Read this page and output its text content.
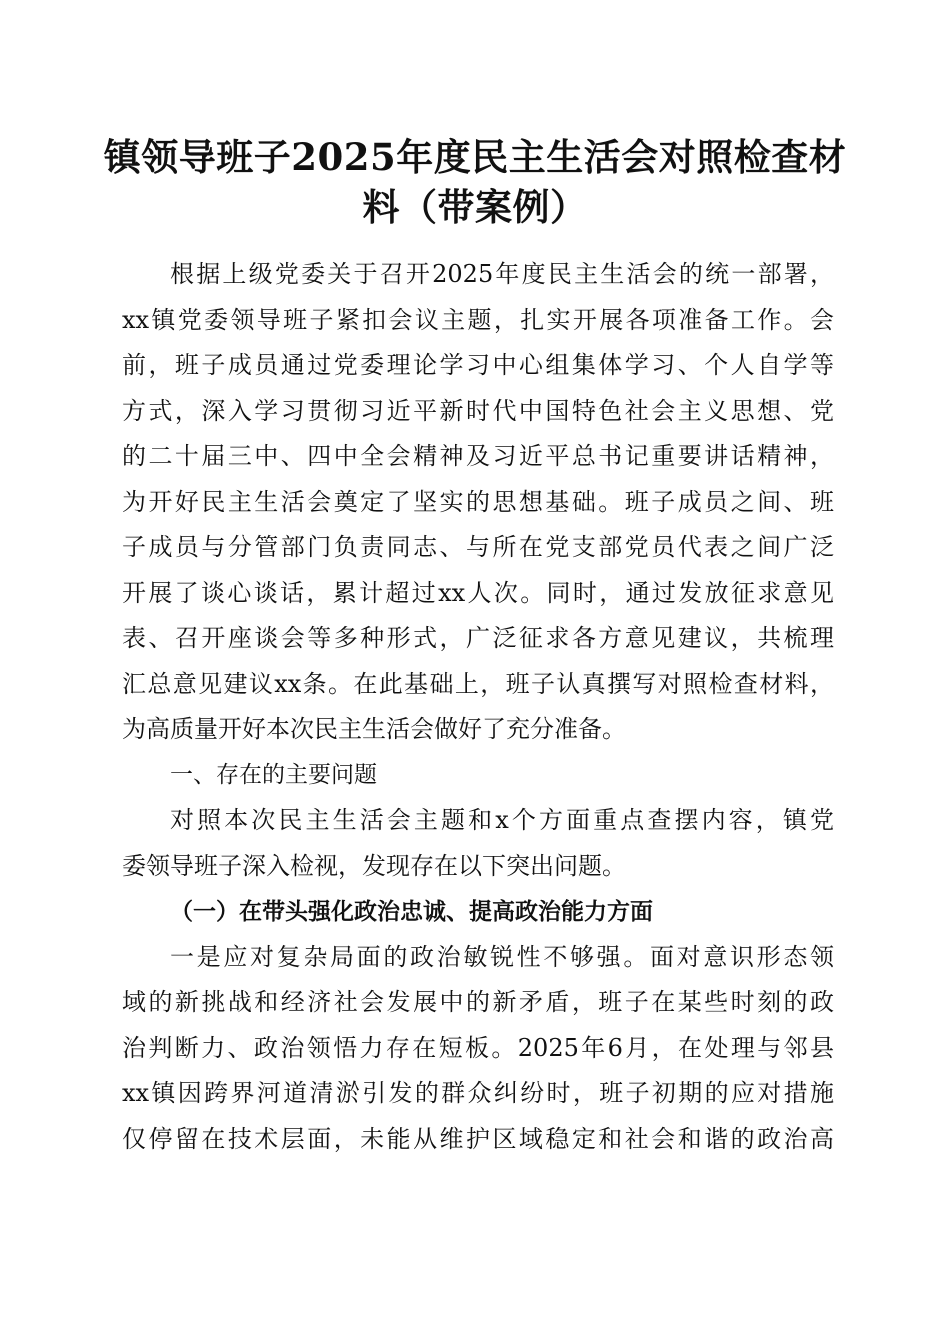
镇领导班子2025年度民主生活会对照检查材
料（带案例）
根据上级党委关于召开2025年度民主生活会的统一部署，
xx镇党委领导班子紧扣会议主题，扎实开展各项准备工作。会
前，班子成员通过党委理论学习中心组集体学习、个人自学等
方式，深入学习贯彻习近平新时代中国特色社会主义思想、党
的二十届三中、四中全会精神及习近平总书记重要讲话精神，
为开好民主生活会奠定了坚实的思想基础。班子成员之间、班
子成员与分管部门负责同志、与所在党支部党员代表之间广泛
开展了谈心谈话，累计超过xx人次。同时，通过发放征求意见
表、召开座谈会等多种形式，广泛征求各方意见建议，共梳理
汇总意见建议xx条。在此基础上，班子认真撰写对照检查材料，
为高质量开好本次民主生活会做好了充分准备。
一、存在的主要问题
对照本次民主生活会主题和x个方面重点查摆内容，镇党
委领导班子深入检视，发现存在以下突出问题。
（一）在带头强化政治忠诚、提高政治能力方面
一是应对复杂局面的政治敏锐性不够强。面对意识形态领
域的新挑战和经济社会发展中的新矛盾，班子在某些时刻的政
治判断力、政治领悟力存在短板。2025年6月，在处理与邻县
xx镇因跨界河道清淤引发的群众纠纷时，班子初期的应对措施
仅停留在技术层面，未能从维护区域稳定和社会和谐的政治高
